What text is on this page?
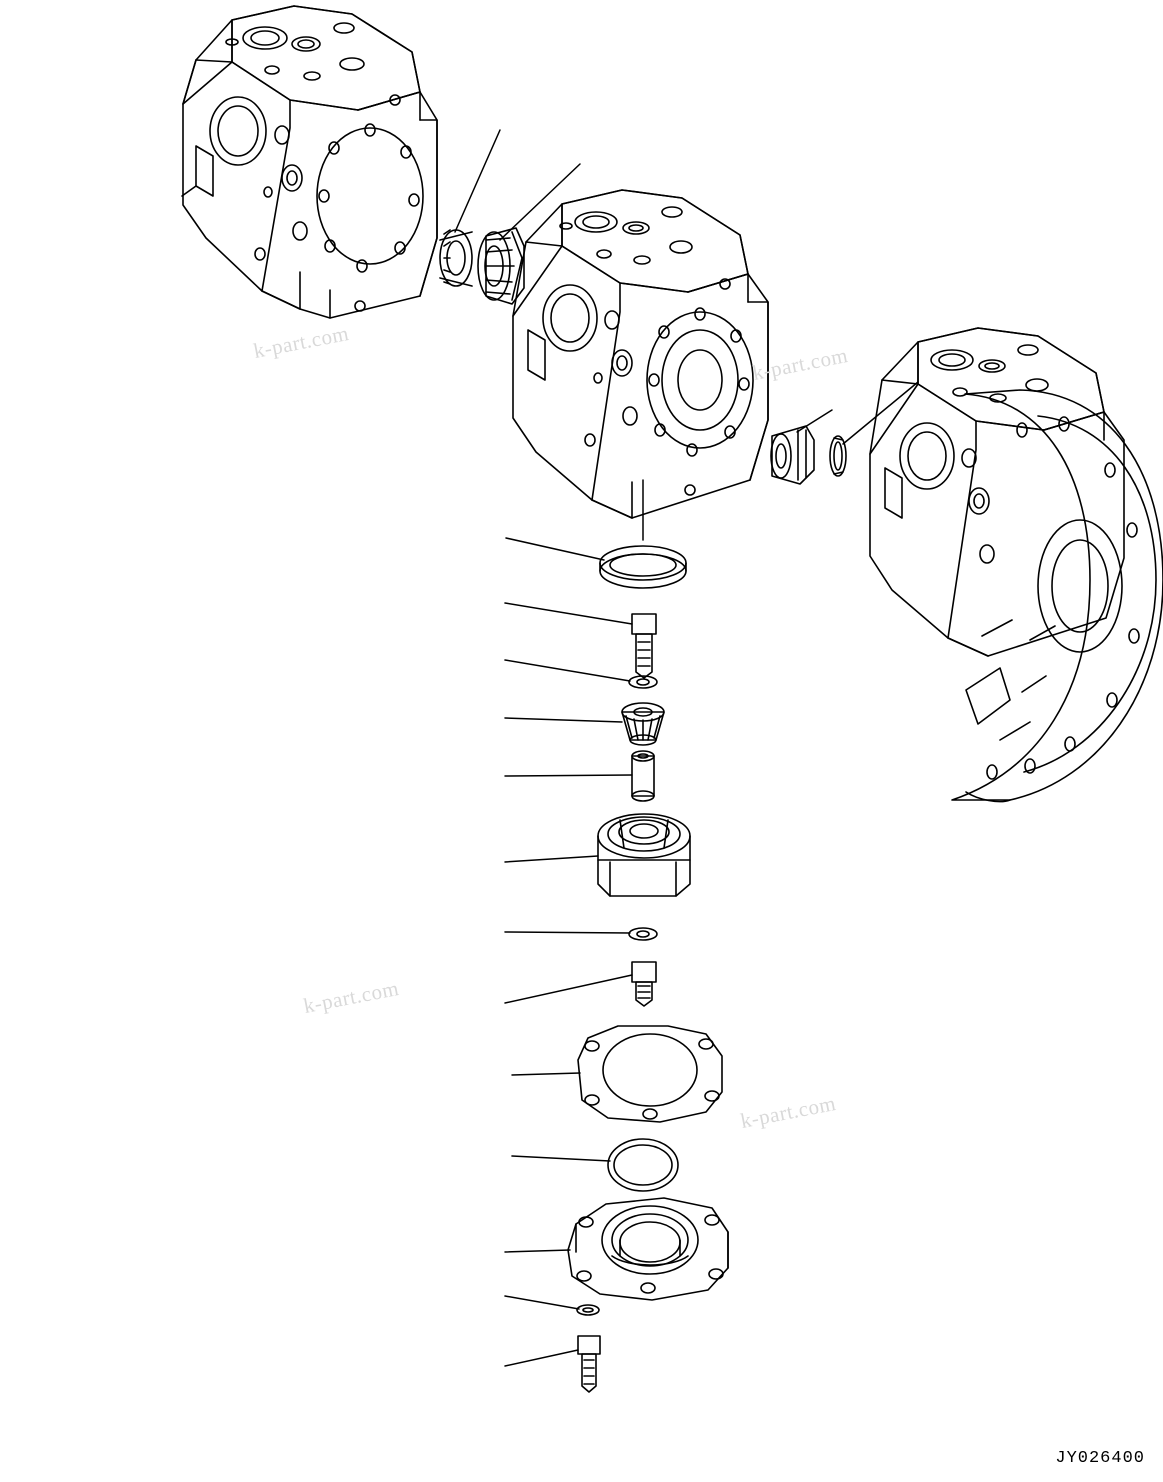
k-part.com
k-part.com
k-part.com
k-part.com
JY026400
